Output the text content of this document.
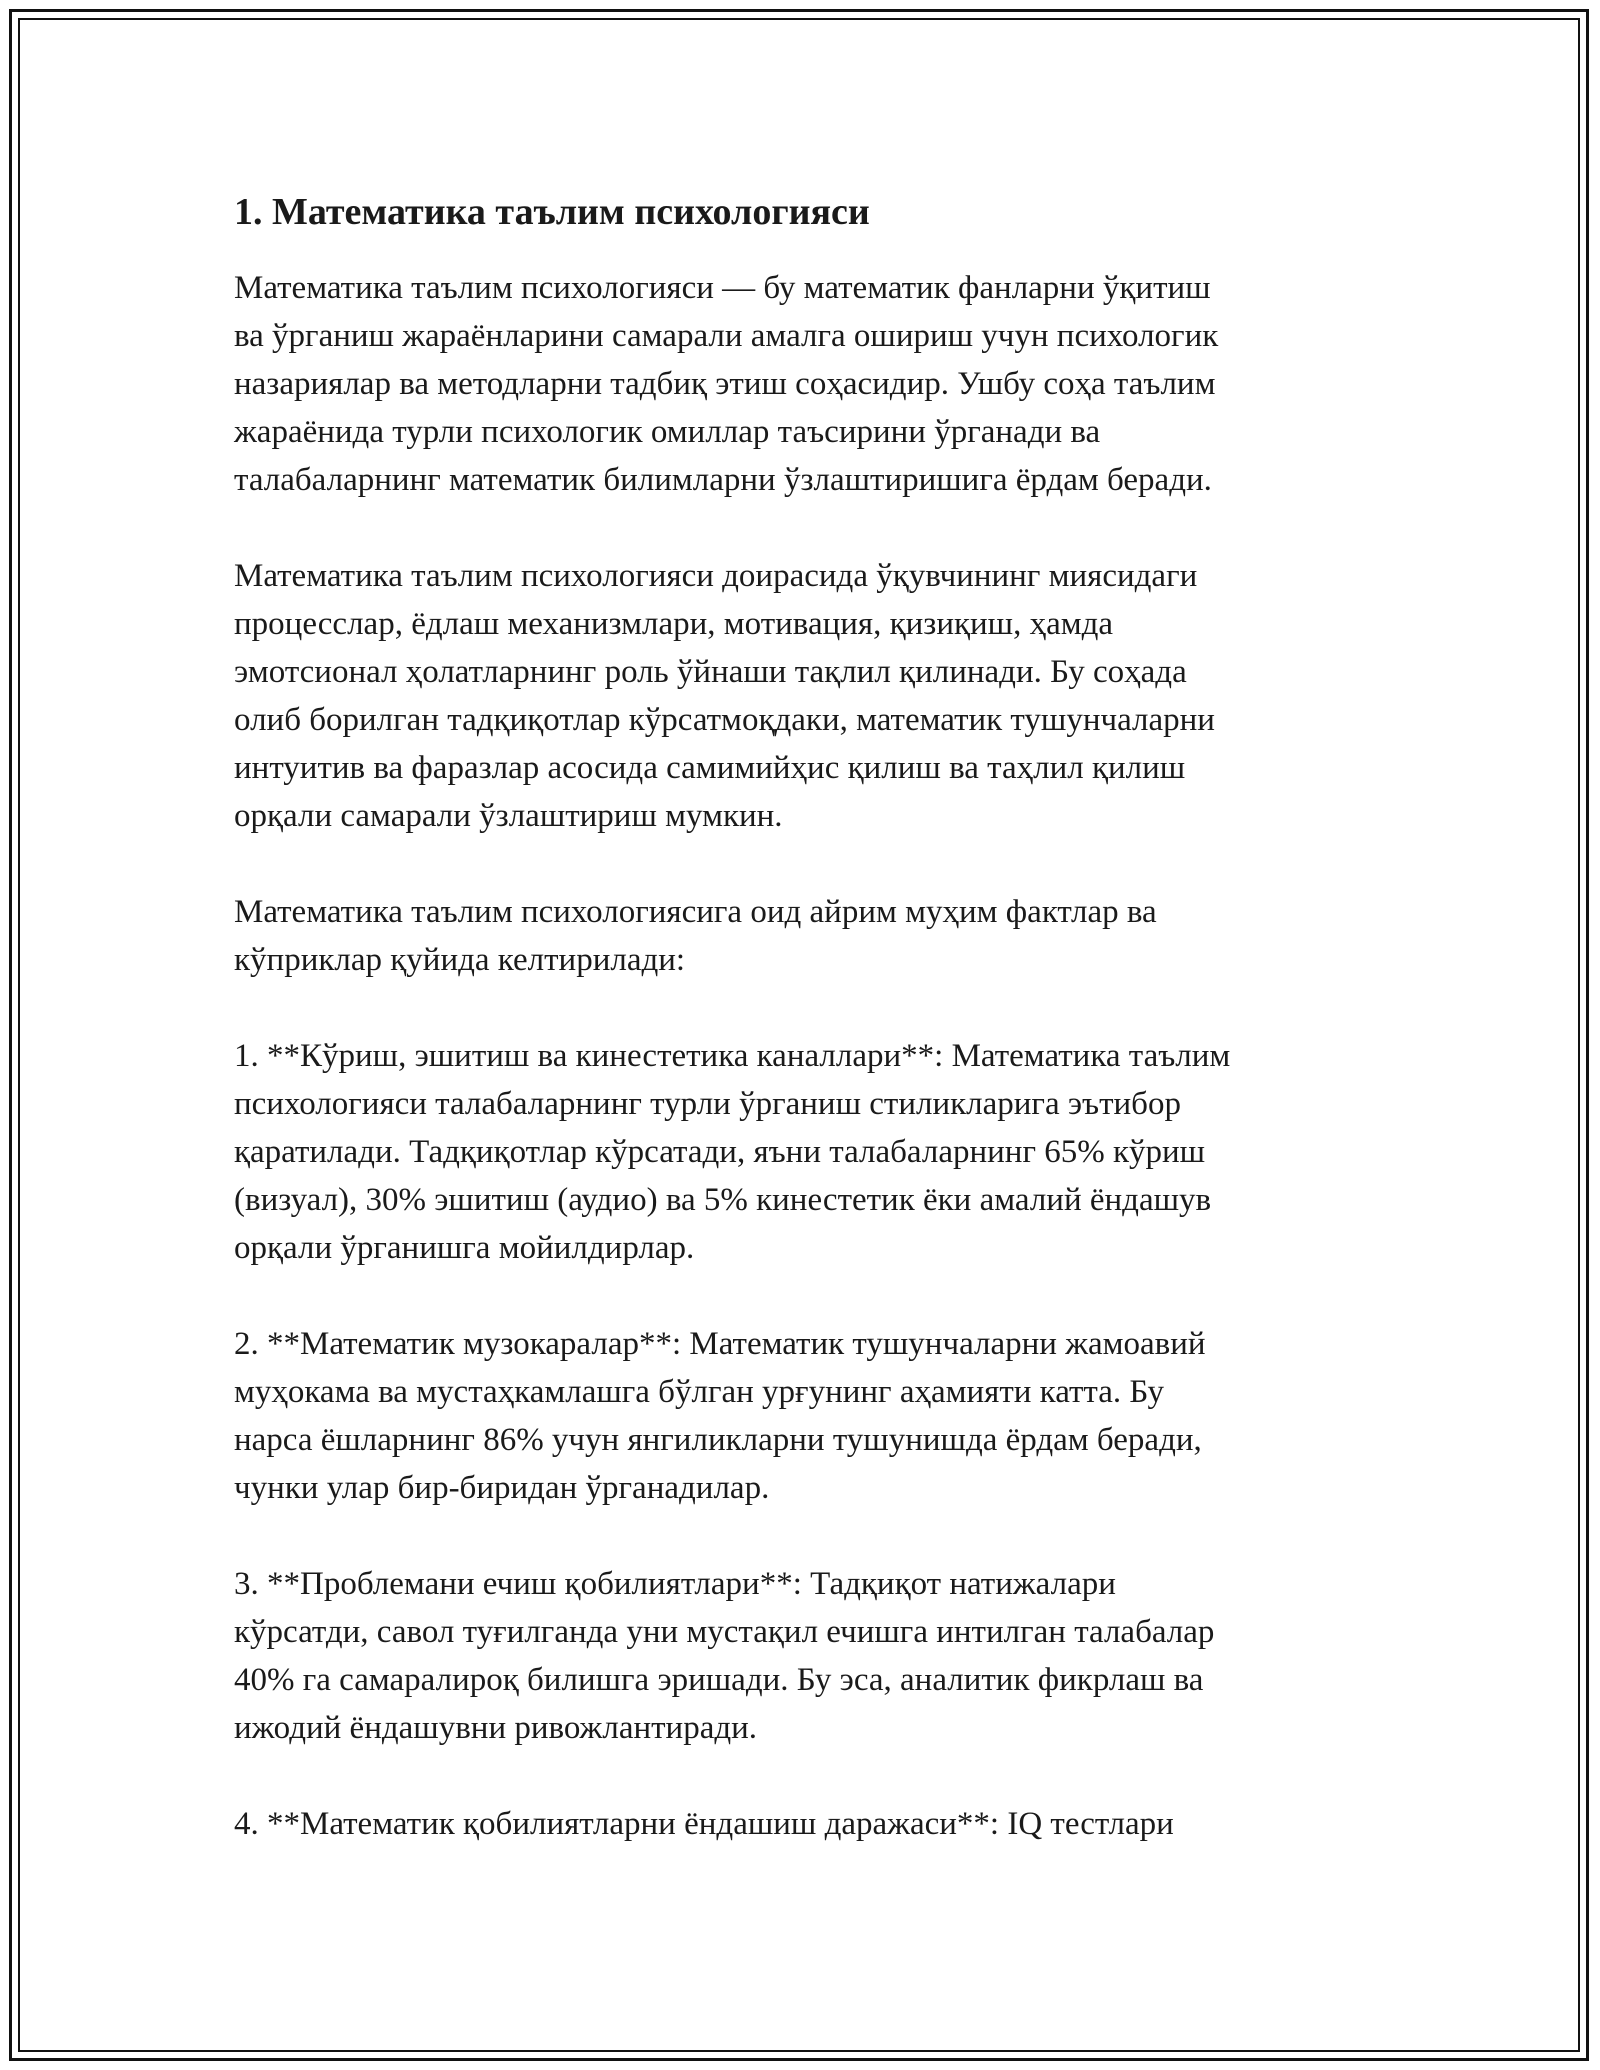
1. Математика таълим психологияси

Математика таълим психологияси — бу математик фанларни ўқитиш
ва ўрганиш жараёнларини самарали амалга ошириш учун психологик
назариялар ва методларни тадбиқ этиш соҳасидир. Ушбу соҳа таълим
жараёнида турли психологик омиллар таъсирини ўрганади ва
талабаларнинг математик билимларни ўзлаштиришига ёрдам беради.

Математика таълим психологияси доирасида ўқувчининг миясидаги
процесслар, ёдлаш механизмлари, мотивация, қизиқиш, ҳамда
эмотсионал ҳолатларнинг роль ўйнаши тақлил қилинади. Бу соҳада
олиб борилган тадқиқотлар кўрсатмоқдаки, математик тушунчаларни
интуитив ва фаразлар асосида самимийҳис қилиш ва таҳлил қилиш
орқали самарали ўзлаштириш мумкин.

Математика таълим психологиясига оид айрим муҳим фактлар ва
кўприклар қуйида келтирилади:

1. **Кўриш, эшитиш ва кинестетика каналлари**: Математика таълим
психологияси талабаларнинг турли ўрганиш стиликларига эътибор
қаратилади. Тадқиқотлар кўрсатади, яъни талабаларнинг 65% кўриш
(визуал), 30% эшитиш (аудио) ва 5% кинестетик ёки амалий ёндашув
орқали ўрганишга мойилдирлар.

2. **Математик музокаралар**: Математик тушунчаларни жамоавий
муҳокама ва мустаҳкамлашга бўлган урғунинг аҳамияти катта. Бу
нарса ёшларнинг 86% учун янгиликларни тушунишда ёрдам беради,
чунки улар бир-биридан ўрганадилар.

3. **Проблемани ечиш қобилиятлари**: Тадқиқот натижалари
кўрсатди, савол туғилганда уни мустақил ечишга интилган талабалар
40% га самаралироқ билишга эришади. Бу эса, аналитик фикрлаш ва
ижодий ёндашувни ривожлантиради.

4. **Математик қобилиятларни ёндашиш даражаси**: IQ тестлари
